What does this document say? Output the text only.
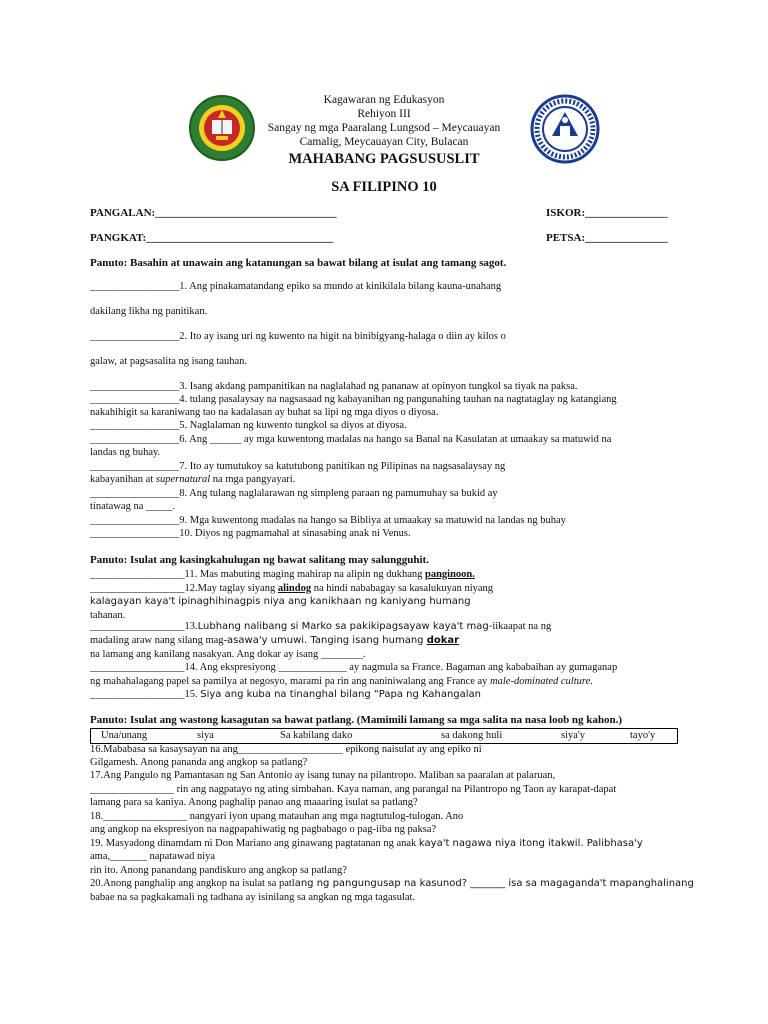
Kagawaran ng Edukasyon
Rehiyon III
Sangay ng mga Paaralang Lungsod – Meycauayan
Camalig, Meycauayan City, Bulacan
MAHABANG PAGSUSUSLIT
SA FILIPINO 10
PANGALAN:_________________________________	ISKOR:_______________
PANGKAT:__________________________________	PETSA:_______________
Panuto: Basahin at unawain ang katanungan sa bawat bilang at isulat ang tamang sagot.
_________________1. Ang pinakamatandang epiko sa mundo at kinikilala bilang kauna-unahang
dakilang likha ng panitikan.
_________________2. Ito ay isang uri ng kuwento na higit na binibigyang-halaga o diin ay kilos o
galaw, at pagsasalita ng isang tauhan.
_________________3. Isang akdang pampanitikan na naglalahad ng pananaw at opinyon tungkol sa tiyak na paksa.
_________________4. tulang pasalaysay na nagsasaad ng kabayanihan ng pangunahing tauhan na nagtataglay ng katangiang
nakahihigit sa karaniwang tao na kadalasan ay buhat sa lipi ng mga diyos o diyosa.
_________________5. Naglalaman ng kuwento tungkol sa diyos at diyosa.
_________________6. Ang ______ ay mga kuwentong madalas na hango sa Banal na Kasulatan at umaakay sa matuwid na
landas ng buhay.
_________________7. Ito ay tumutukoy sa katutubong panitikan ng Pilipinas na nagsasalaysay ng
kabayanihan at supernatural na mga pangyayari.
_________________8. Ang tulang naglalarawan ng simpleng paraan ng pamumuhay sa bukid ay
tinatawag na _____.
_________________9. Mga kuwentong madalas na hango sa Bibliya at umaakay sa matuwid na landas ng buhay
_________________10. Diyos ng pagmamahal at sinasabing anak ni Venus.
Panuto: Isulat ang kasingkahulugan ng bawat salitang may salungguhit.
__________________11. Mas mabuting maging mahirap na alipin ng dukhang panginoon.
__________________12.May taglay siyang alindog na hindi nababagay sa kasalukuyan niyang
kalagayan kaya't ipinaghihinagpis niya ang kanikhaan ng kaniyang humang
tahanan.
__________________13.Lubhang nalibang si Marko sa pakikipagsayaw kaya't mag-iikaapat na ng
madaling araw nang silang mag-asawa'y umuwi. Tanging isang humang dokar
na lamang ang kanilang nasakyan. Ang dokar ay isang ________.
__________________14. Ang ekspresiyong _____________ ay nagmula sa France. Bagaman ang kababaihan ay gumaganap
ng mahahalagang papel sa pamilya at negosyo, marami pa rin ang naniniwalang ang France ay male-dominated culture.
__________________15. Siya ang kuba na tinanghal bilang “Papa ng Kahangalan
Panuto: Isulat ang wastong kasagutan sa bawat patlang. (Mamimili lamang sa mga salita na nasa loob ng kahon.)
Una/unang	siya	Sa kabilang dako	sa dakong huli	siya'y	tayo'y
16.Mababasa sa kasaysayan na ang____________________ epikong naisulat ay ang epiko ni
Gilgamesh. Anong pananda ang angkop sa patlang?
17.Ang Pangulo ng Pamantasan ng San Antonio ay isang tunay na pilantropo. Maliban sa paaralan at palaruan,
________________ rin ang nagpatayo ng ating simbahan. Kaya naman, ang parangal na Pilantropo ng Taon ay karapat-dapat
lamang para sa kaniya. Anong paghalip panao ang maaaring isulat sa patlang?
18.________________ nangyari iyon upang matauhan ang mga nagtutulog-tulogan. Ano
ang angkop na ekspresiyon na nagpapahiwatig ng pagbabago o pag-iiba ng paksa?
19. Masyadong dinamdam ni Don Mariano ang ginawang pagtatanan ng anak kaya't nagawa niya itong itakwil. Palibhasa'y
ama,_______ napatawad niya
rin ito. Anong panandang pandiskuro ang angkop sa patlang?
20.Anong panghalip ang angkop na isulat sa patlang ng pangungusap na kasunod? _______ isa sa magaganda't mapanghalinang
babae na sa pagkakamali ng tadhana ay isinilang sa angkan ng mga tagasulat.
